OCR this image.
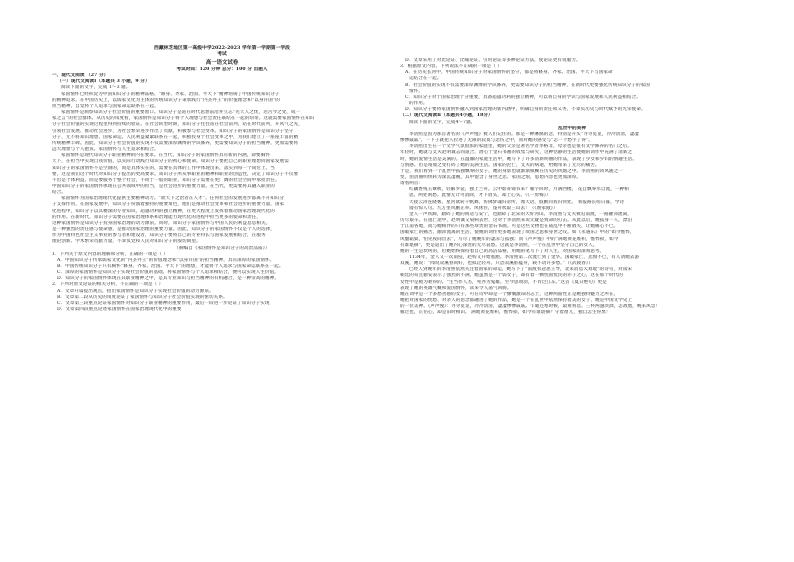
西藏林芝地区第一高级中学2022-2023 学年第一学期第一学段
考试
高一语文试卷
考试时间：120 分钟 总分：100 分 出题人
一、现代文阅读 （27 分）
（一）现代文阅读Ⅰ（本题共 3 小题，9 分）
阅读下面的文字，完成 1～3 题。
家国情怀已经积淀为中国知识分子的精神品格。“修身、齐家、治国、平天下”精神熔铸了中国传统知识分子
的精神追求。在中国历史上，以儒家文化为主体的传统知识分子秉承践行“内圣外王”的价值理念和“以身许国”的
担当精神，自觉将个人追求与国家命运联系在一起。
家国情怀是洞察知识分子社会价值的重要窗口。知识分子是站在时代思想前沿并立志“先天人之忧，达古今之变，成一
家之言”的社会群体。从历史的角度看，家国情怀是知识分子将个人理想与社会责任联结在一起的纽带。这就需要家国情怀在知识
分子社会价值的实现过程里得到持续的验证。在社会转型时期，知识分子往往站在社会前列、站在时代前列，开风气之先，
引领社会发展、推动社会进步，为社会繁荣进步作出了贡献，积极参与社会变革。知识分子的家国情怀是知识分子坚守
分子，无不將知识理想、国家命运、人民利益紧紧联系在一起，积极投身于社会变革之中，为我们建立了一座座丰富的精
传统精神丰碑。因此，知识分子社会价值的实现不仅需要深厚渊博的学识修养，更需要知识分子的担当精神，更加需要将
远大理想与个人抱负、家国情怀与人生追求相结合。
家国情怀是现代知识分子职业精神的内在要求。在当代，知识分子的家国情怀具有新的内涵，即要胸怀
天下，在担当中实现自我价值，以实际行动践行知识分子的初心和使命。知识分子要把自己的职业理想同国家发展需
知识分子的家国情怀不是空洞的，而是具体实在的，需要在具体的工作中体现出来，落实到每一个岗位上。当
要，这是我们这个时代对知识分子提出的更高要求。知识分子所从事职业的精神和职业的创造性，决定了知识分子不仅要
不出是个体利益，而是要服务于整个社会，不同于一般的职业，知识分子需要在更广阔的社会空间中承担责任。
中国知识分子的家国情怀体现在公共领域中的担当，是社会进步的重要力量。在当代，更需要将其融入职业的
结合。
家国情怀为国家治理现代化提供主要精神动力。“欲天下之治者在人才”。任何社会的发展进步都离不开知识分
子支撑作用，在国家发展中，知识分子扮演着独特的重要角色，他们是推动社会变革和社会进步的重要力量，国家
化进程中，知识分子以其精深的专业知识，超越功利的独立精神，在更大程度上发挥着推动国家治理现代化的
的作用。在新时代，知识分子需要在国家治理体系和治理能力现代化的进程中担当更多的使命和责任，
这种家国情怀是知识分子投身国家治理的动力源泉。同时，知识分子家国情怀与中国人民的利益息息相关。
是一种强烈的责任感与使命感，是推动国家治理的重要力量。因此，知识分子的家国情怀不仅是个人的选择，
作为中国特色社会主义事业的参与者和建设者，知识分子要将自己的专业特长与国家发展相结合，在服务
理论创新、学术繁荣贡献力量，不辜负党和人民对知识分子的殷切期望。
（摘编自《家国情怀是知识分子的高贵品质》）
1．下列关于原文内容的理解和分析，正确的一项是（ ）
A．中国知识分子传承儒家文化的“内圣外王”的价值理念和“以身许国”的担当精神，具有深厚的家国情怀。
B．中国传统知识分子只有胸怀“修身、齐家、治国、平天下”的理想，才能将个人追求与国家命运联系在一起。
C．深厚的家国情怀是知识分子实现社会价值的基础，将家国情怀与个人追求相结合，便可以实现人生价值。
D．知识分子的家国情怀体现在其职业精神之中，是其专业知识与担当精神的有机融合，是一种崇高的精神。
2．下列对原文论证的相关分析，不正确的一项是（ ）
A．文章开篇提出观点，指出家国情怀是知识分子实现社会价值的动力源泉。
B．文章第二段从历史的角度论证了家国情怀与知识分子社会价值实现的密切关系。
C．文章第三段重点论证家国情怀对知识分子职业精神的重要作用，最后一段进一步论证了知识分子实现
D．文章第四段重点论述家国情怀在国家治理现代化中的重要
D．文章采用了对比论证、比喻论证、引用论证等多种论证方法，使论证更有说服力。
3．根据原文内容，下列说法不正确的一项是（ ）
A．在历史长河中，中国传统知识分子对家国情怀的坚守，都是将修身、齐家、治国、平天下与国家命
运结合在一起。
B．社会价值的实现不仅需要深厚渊博的学识修养，更需要知识分子的担当精神，在新时代更要强化传统知识分子的家国
情怀。
C．知识分子对于国家治理十分重要，具备超越功利的独立精神，可以将自身的学识与国家发展和人民利益相结合。
的作用。
D．知识分子要将家国情怀融入到国家治理的新内涵中，明确自身的责任和义务，不辜负历史与时代赋予的光荣使命。
（二）现代文阅读Ⅱ（本题共4小题，18分）
阅读下面的文字，完成4～7题。
乱世中的美神
李清照是因为那首著名的《声声慢》被人们记住的。那是一种淋漓的悲，特别是开头“寻寻觅觅，冷冷清清，凄凄
惨惨戚戚”，一下子就把人拉进了无限的寂寞与悲伤之中，而对她的感受与“怎一个愁字了得”。
李清照出生在一个文学气氛很浓的家庭里，她的父亲是著名学者李格非，母亲也是很有文学修养的名门之后。
年轻时，她就与丈夫赵明诚志同道合，潜心于金石书画的收集与研究，这种恬静的生活使她的词作中充满了清新之
时，她的爱情生活是美满的。在温馨的家庭生活中，她写下了许多清新明丽的作品，表现了少女和少妇的情趣生活。
与情感。但是靖康之变打碎了她的美满生活。国家的沦亡，丈夫的病逝，给她带来了无尽的痛苦。
于是，我们看到一个乱世中孤独飘零的女子，她的身影也就渐渐模糊在历史的风烟之中。李清照的词风随之一
变，由清丽明快转为深沉凄婉，其中饱含了身世之悲、家国之恨，思想内容也更加深厚。
请看两首：
红藕香残玉簟秋，轻解罗裳，独上兰舟。云中谁寄锦书来？雁字回时，月满西楼。 花自飘零水自流，一种相
思，两处闲愁。此情无计可消除，才下眉头，却上心头。（《一剪梅》）
天接云涛连晓雾，星河欲转千帆舞。仿佛梦魂归帝所，闻天语，殷勤问我归何处。 我报路长嗟日暮，学诗
谩有惊人句。九万里风鹏正举。风休住，蓬舟吹取三山去！（《渔家傲》）
金人一声铁蹄，踏碎了她的闲适与安宁，也踏碎了北宋的大好河山。李清照与丈夫被迫南渡，一路颠沛流离，
历尽艰辛。在逃亡途中，赵明诚又染病去世，这对于李清照来说无疑是致命的打击。从此以后，她孤身一人，漂泊
于江南各地，而与她相伴的只有那些珍贵的金石书画。可是这些文物也在战乱中不断散失，让她痛心不已。
国破家亡的痛苦，颠沛流离的生活，使她的词作更多地表现了故国之思和身世之叹。如《永遇乐》中的“如今憔悴，
风鬟霜鬓，怕见夜间出去”，写尽了她晚年的凄凉与孤独；而《声声慢》中的“满地黄花堆积，憔悴损，如今
有谁堪摘”，更是道出了她内心深处的无尽哀愁。这就是李清照，一个在乱世中坚守自己的女人。
她的一生是坎坷的，但她始终保持着自己的高洁品格，用她的笔写下了对人生、对国家的深刻思考。
1134年，金人又一次南侵，赵构又开始逃跑。李清照第二次流亡到了金华。国破家亡，悲愤不已，有人请她去游
双溪，她说：“闻说双溪春尚好，也拟泛轻舟。只恐双溪舴艋舟，载不动许多愁。”（《武陵春》）
已经人到晚年的李清照依然关注着国家的命运，她写下了“南渡衣冠思王导，北来消息欠刘琨”的诗句，对南宋
朝廷的苟且偷安表示了强烈的不满。她虽然是一个弱女子，却有着一颗忧国忧民的赤子之心，这在那个时代的
女性中是极为难得的。“生当作人杰，死亦为鬼雄。至今思项羽，不肯过江东。”这首《夏日绝句》更是
表现了她的英雄气概和爱国情怀，读来令人荡气回肠。
她在词中是一个多愁善感的女子，可在诗中却是一个慷慨激昂的志士，这种两面性正是她独特魅力之所在。
她把对国家的忧愁、对亲人的思念都融进了她的作品，她是一个在乱世中依然保持着美的女子，她是中国文学史上
的一位美神。《声声慢》：寻寻觅觅，冷冷清清，凄凄惨惨戚戚。乍暖还寒时候，最难将息。三杯两盏淡酒，怎敌他，晚来风急！
雁过也，正伤心，却是旧时相识。 满地黄花堆积，憔悴损，如今有谁堪摘？守着窗儿，独自怎生得黑！
